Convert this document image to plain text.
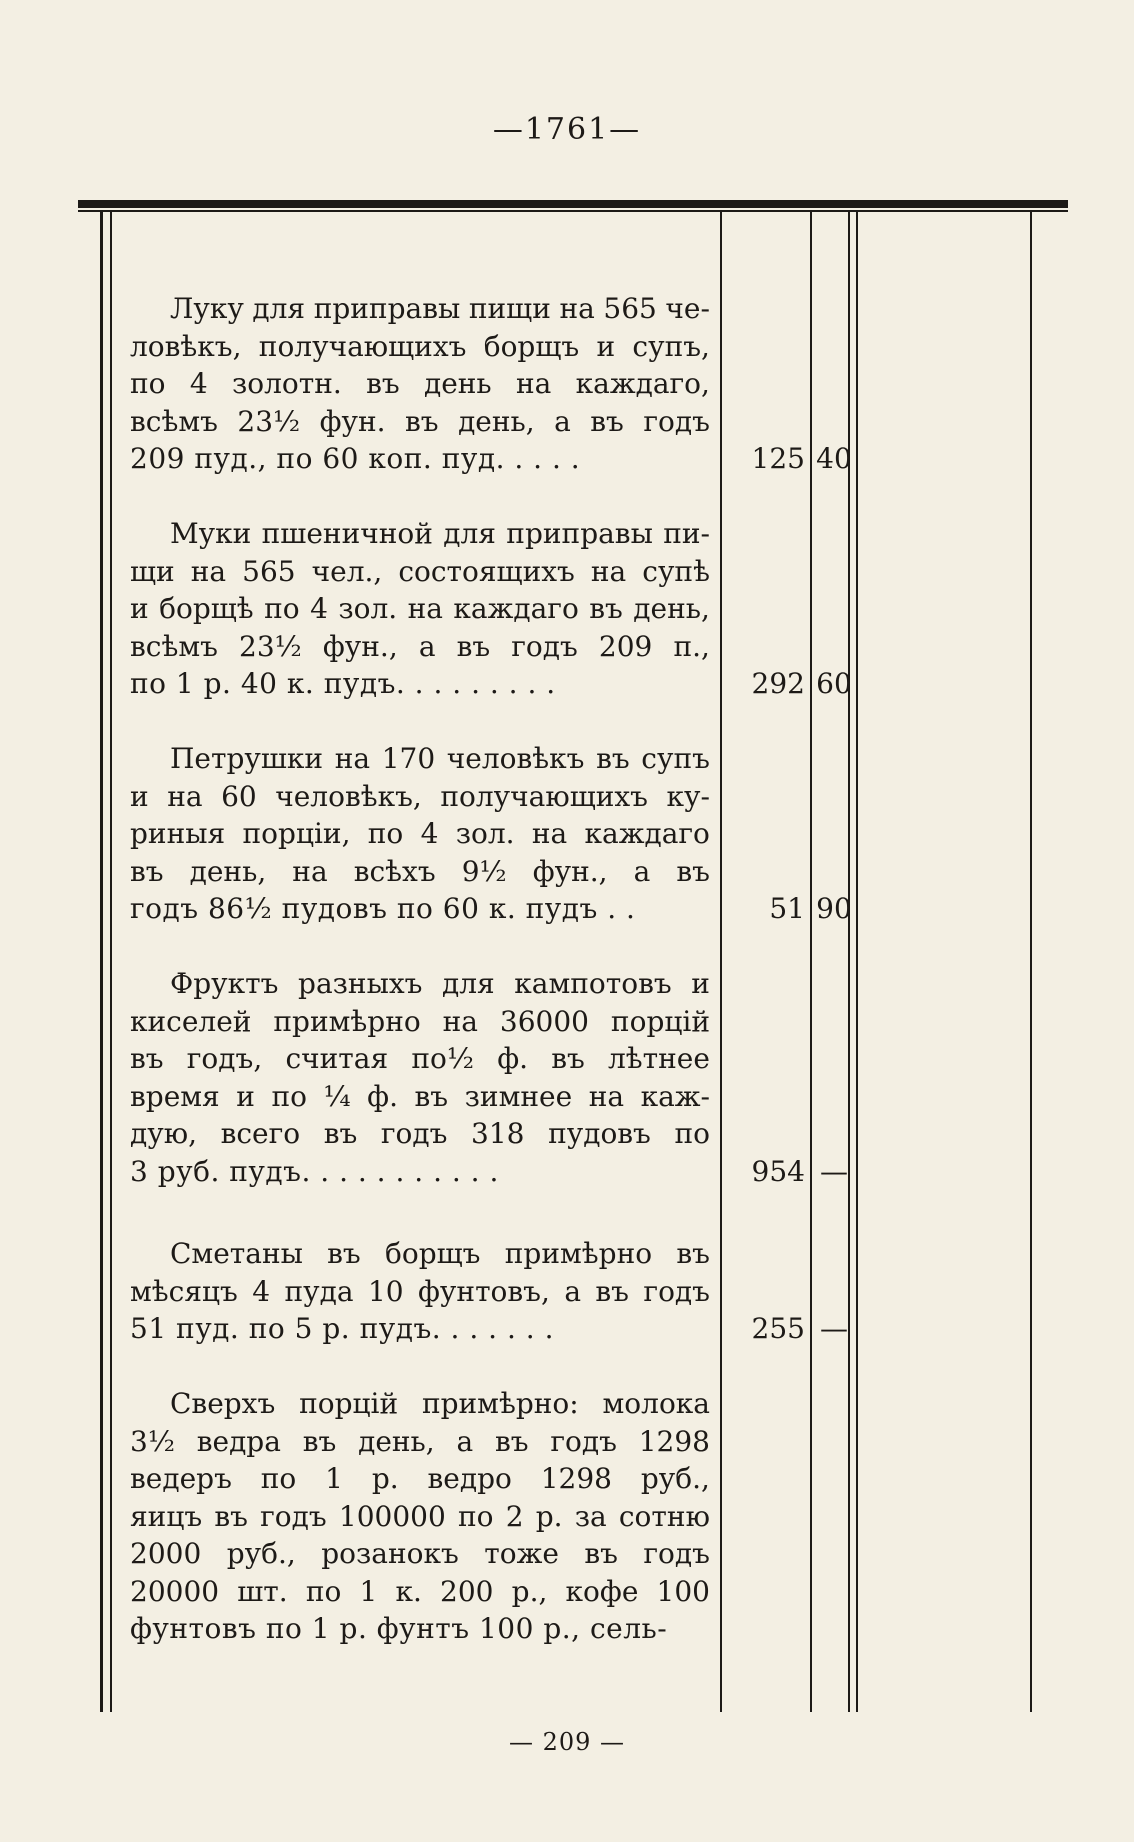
—1761—
Луку для приправы пищи на 565 че-
ловѣкъ, получающихъ борщъ и супъ,
по 4 золотн. въ день на каждаго,
всѣмъ 23½ фун. въ день, а въ годъ
209 пуд., по 60 коп. пуд. . . . .	125 40
Муки пшеничной для приправы пи-
щи на 565 чел., состоящихъ на супѣ
и борщѣ по 4 зол. на каждаго въ день,
всѣмъ 23½ фун., а въ годъ 209 п.,
по 1 р. 40 к. пудъ. . . . . . . . .	292 60
Петрушки на 170 человѣкъ въ супъ
и на 60 человѣкъ, получающихъ ку-
риныя порціи, по 4 зол. на каждаго
въ день, на всѣхъ 9½ фун., а въ
годъ 86½ пудовъ по 60 к. пудъ . .	51 90
Фруктъ разныхъ для кампотовъ и
киселей примѣрно на 36000 порцій
въ годъ, считая по½ ф. въ лѣтнее
время и по ¼ ф. въ зимнее на каж-
дую, всего въ годъ 318 пудовъ по
3 руб. пудъ. . . . . . . . . . .	954 —
Сметаны въ борщъ примѣрно въ
мѣсяцъ 4 пуда 10 фунтовъ, а въ годъ
51 пуд. по 5 р. пудъ. . . . . . .	255 —
Сверхъ порцій примѣрно: молока
3½ ведра въ день, а въ годъ 1298
ведеръ по 1 р. ведро 1298 руб.,
яицъ въ годъ 100000 по 2 р. за сотню
2000 руб., розанокъ тоже въ годъ
20000 шт. по 1 к. 200 р., кофе 100
фунтовъ по 1 р. фунтъ 100 р., сель-
— 209 —
